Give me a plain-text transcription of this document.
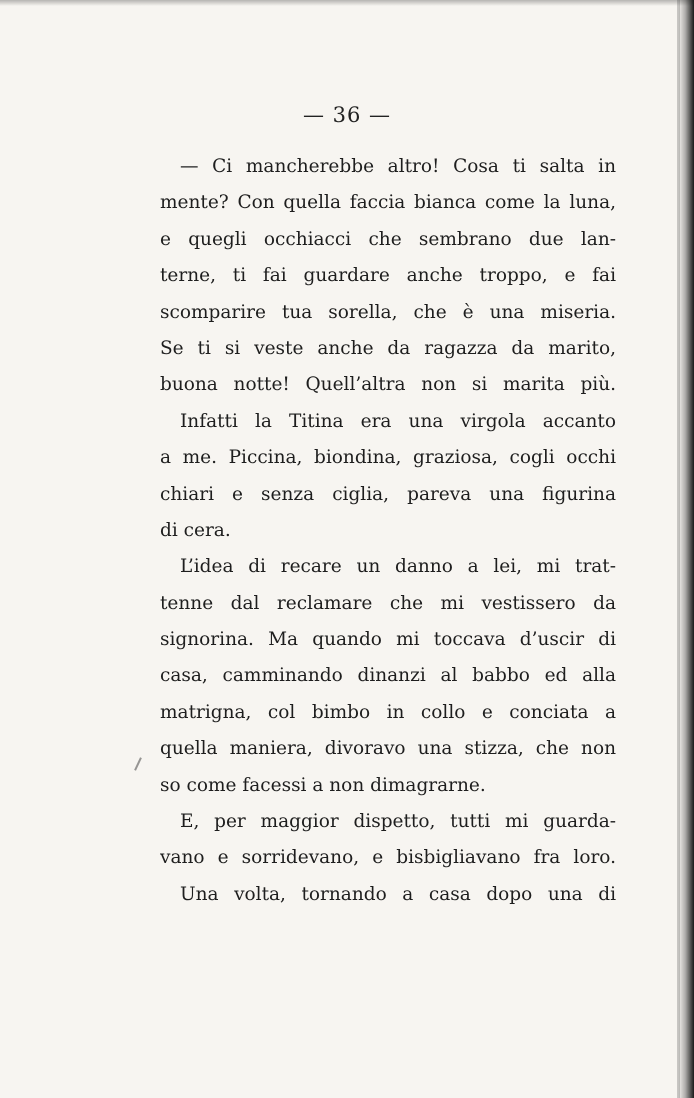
— 36 —
— Ci mancherebbe altro! Cosa ti salta in
mente? Con quella faccia bianca come la luna,
e quegli occhiacci che sembrano due lan-
terne, ti fai guardare anche troppo, e fai
scomparire tua sorella, che è una miseria.
Se ti si veste anche da ragazza da marito,
buona notte! Quell’altra non si marita più.
Infatti la Titina era una virgola accanto
a me. Piccina, biondina, graziosa, cogli occhi
chiari e senza ciglia, pareva una figurina
di cera.
L’idea di recare un danno a lei, mi trat-
tenne dal reclamare che mi vestissero da
signorina. Ma quando mi toccava d’uscir di
casa, camminando dinanzi al babbo ed alla
matrigna, col bimbo in collo e conciata a
quella maniera, divoravo una stizza, che non
so come facessi a non dimagrarne.
E, per maggior dispetto, tutti mi guarda-
vano e sorridevano, e bisbigliavano fra loro.
Una volta, tornando a casa dopo una di
